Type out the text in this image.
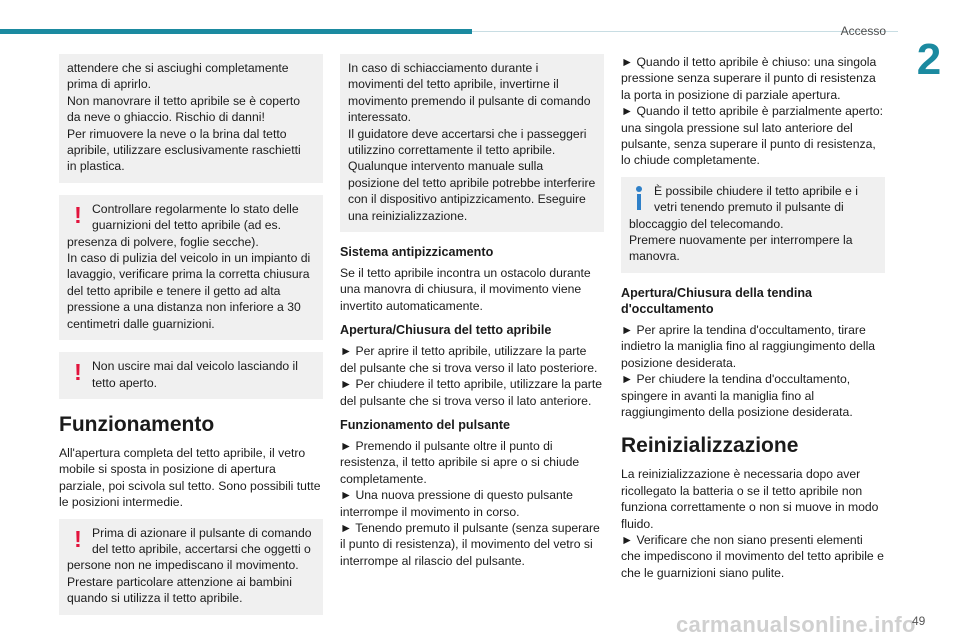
Accesso
2

attendere che si asciughi completamente

prima di aprirlo.

Non manovrare il tetto apribile se è coperto

da neve o ghiaccio. Rischio di danni!

Per rimuovere la neve o la brina dal tetto

apribile, utilizzare esclusivamente raschietti

in plastica.

! Controllare regolarmente lo stato delle

guarnizioni del tetto apribile (ad es.

presenza di polvere, foglie secche).

In caso di pulizia del veicolo in un impianto di

lavaggio, verificare prima la corretta chiusura

del tetto apribile e tenere il getto ad alta

pressione a una distanza non inferiore a 30

centimetri dalle guarnizioni.

! Non uscire mai dal veicolo lasciando il

tetto aperto.

Funzionamento
All'apertura completa del tetto apribile, il vetro
mobile si sposta in posizione di apertura
parziale, poi scivola sul tetto. Sono possibili tutte
le posizioni intermedie.
! Prima di azionare il pulsante di comando

del tetto apribile, accertarsi che oggetti o

persone non ne impediscano il movimento.

Prestare particolare attenzione ai bambini

quando si utilizza il tetto apribile.

In caso di schiacciamento durante i

movimenti del tetto apribile, invertirne il

movimento premendo il pulsante di comando

interessato.

Il guidatore deve accertarsi che i passeggeri

utilizzino correttamente il tetto apribile.

Qualunque intervento manuale sulla

posizione del tetto apribile potrebbe interferire

con il dispositivo antipizzicamento. Eseguire

una reinizializzazione.

Sistema antipizzicamento
Se il tetto apribile incontra un ostacolo durante
una manovra di chiusura, il movimento viene
invertito automaticamente.
Apertura/Chiusura del tetto apribile
► Per aprire il tetto apribile, utilizzare la parte
del pulsante che si trova verso il lato posteriore.
► Per chiudere il tetto apribile, utilizzare la parte
del pulsante che si trova verso il lato anteriore.
Funzionamento del pulsante
► Premendo il pulsante oltre il punto di
resistenza, il tetto apribile si apre o si chiude
completamente.
► Una nuova pressione di questo pulsante
interrompe il movimento in corso.
► Tenendo premuto il pulsante (senza superare
il punto di resistenza), il movimento del vetro si
interrompe al rilascio del pulsante.
► Quando il tetto apribile è chiuso: una singola
pressione senza superare il punto di resistenza
la porta in posizione di parziale apertura.
► Quando il tetto apribile è parzialmente aperto:
una singola pressione sul lato anteriore del
pulsante, senza superare il punto di resistenza,
lo chiude completamente.

È possibile chiudere il tetto apribile e i

vetri tenendo premuto il pulsante di

bloccaggio del telecomando.

Premere nuovamente per interrompere la

manovra.

Apertura/Chiusura della tendina
d'occultamento
► Per aprire la tendina d'occultamento, tirare
indietro la maniglia fino al raggiungimento della
posizione desiderata.
► Per chiudere la tendina d'occultamento,
spingere in avanti la maniglia fino al
raggiungimento della posizione desiderata.
Reinizializzazione
La reinizializzazione è necessaria dopo aver
ricollegato la batteria o se il tetto apribile non
funziona correttamente o non si muove in modo
fluido.
► Verificare che non siano presenti elementi
che impediscono il movimento del tetto apribile e
che le guarnizioni siano pulite.
carmanualsonline.info
49
